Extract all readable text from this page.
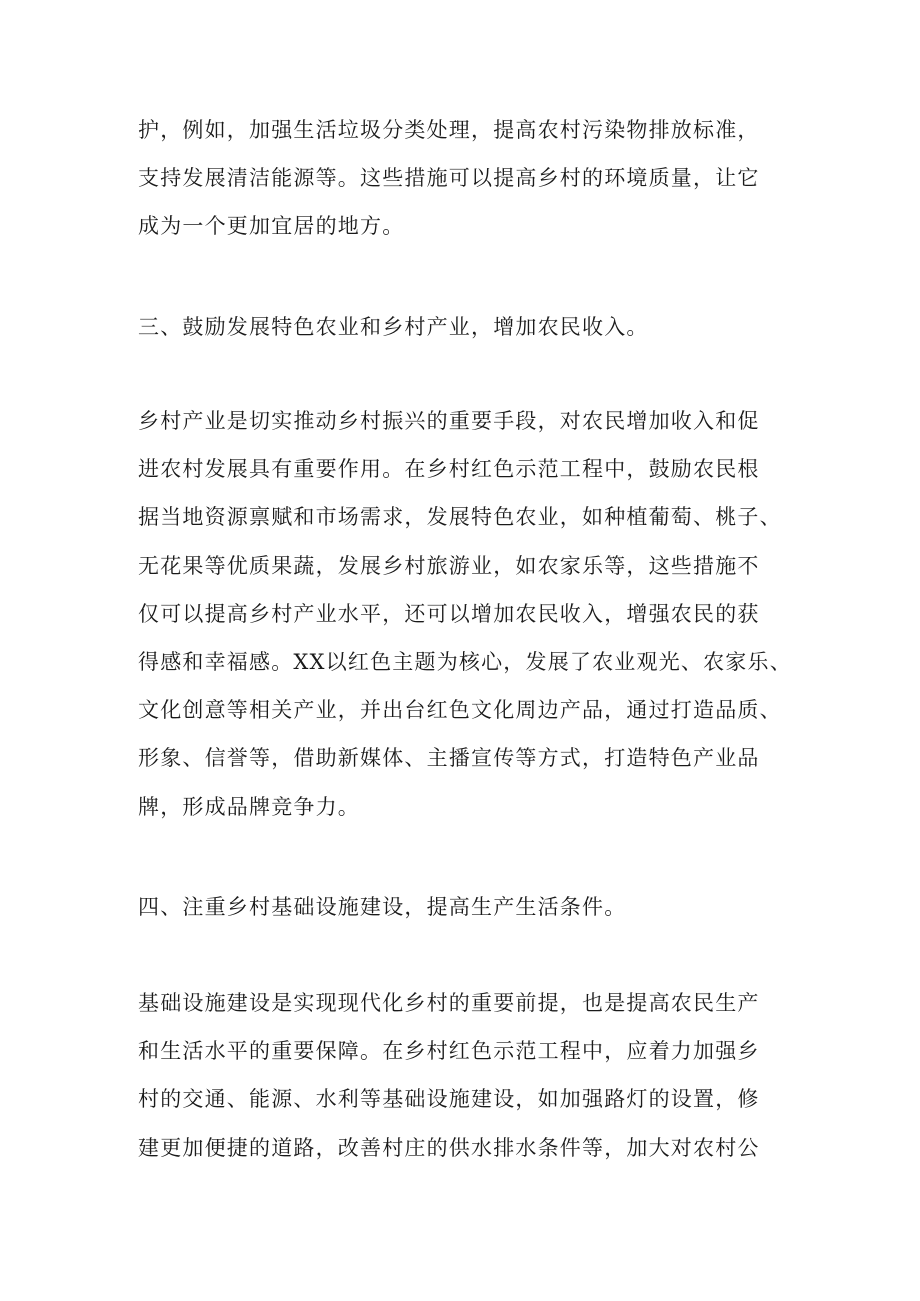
护，例如，加强生活垃圾分类处理，提高农村污染物排放标准，
支持发展清洁能源等。这些措施可以提高乡村的环境质量，让它
成为一个更加宜居的地方。
三、鼓励发展特色农业和乡村产业，增加农民收入。
乡村产业是切实推动乡村振兴的重要手段，对农民增加收入和促
进农村发展具有重要作用。在乡村红色示范工程中，鼓励农民根
据当地资源禀赋和市场需求，发展特色农业，如种植葡萄、桃子、
无花果等优质果蔬，发展乡村旅游业，如农家乐等，这些措施不
仅可以提高乡村产业水平，还可以增加农民收入，增强农民的获
得感和幸福感。XX以红色主题为核心，发展了农业观光、农家乐、
文化创意等相关产业，并出台红色文化周边产品，通过打造品质、
形象、信誉等，借助新媒体、主播宣传等方式，打造特色产业品
牌，形成品牌竞争力。
四、注重乡村基础设施建设，提高生产生活条件。
基础设施建设是实现现代化乡村的重要前提，也是提高农民生产
和生活水平的重要保障。在乡村红色示范工程中，应着力加强乡
村的交通、能源、水利等基础设施建设，如加强路灯的设置，修
建更加便捷的道路，改善村庄的供水排水条件等，加大对农村公
